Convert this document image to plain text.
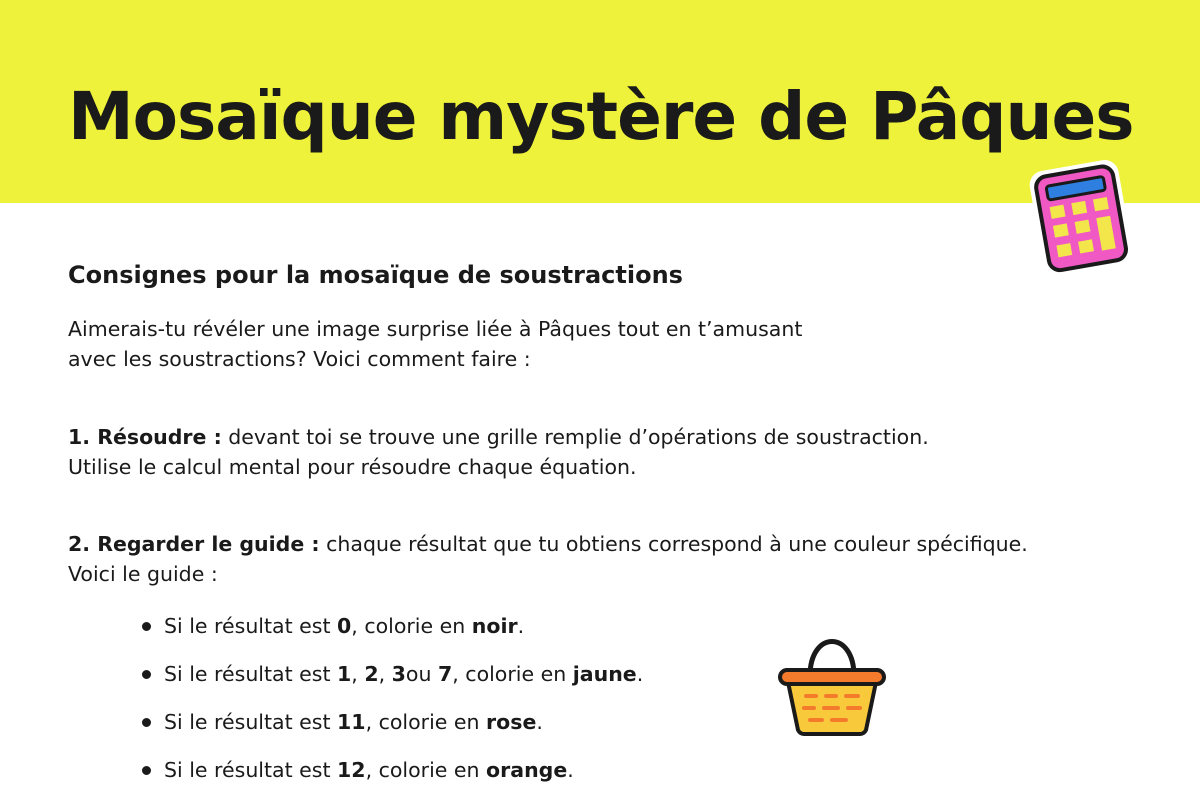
Mosaïque mystère de Pâques
Consignes pour la mosaïque de soustractions
Aimerais-tu révéler une image surprise liée à Pâques tout en t’amusant
avec les soustractions? Voici comment faire :
1. Résoudre : devant toi se trouve une grille remplie d’opérations de soustraction.
Utilise le calcul mental pour résoudre chaque équation.
2. Regarder le guide : chaque résultat que tu obtiens correspond à une couleur spécifique.
Voici le guide :
Si le résultat est
0 , colorie en
noir .
Si le résultat est
1 , 2 , 3 ou
7 , colorie en
jaune .
Si le résultat est
11 , colorie en
rose .
Si le résultat est
12 , colorie en
orange .
